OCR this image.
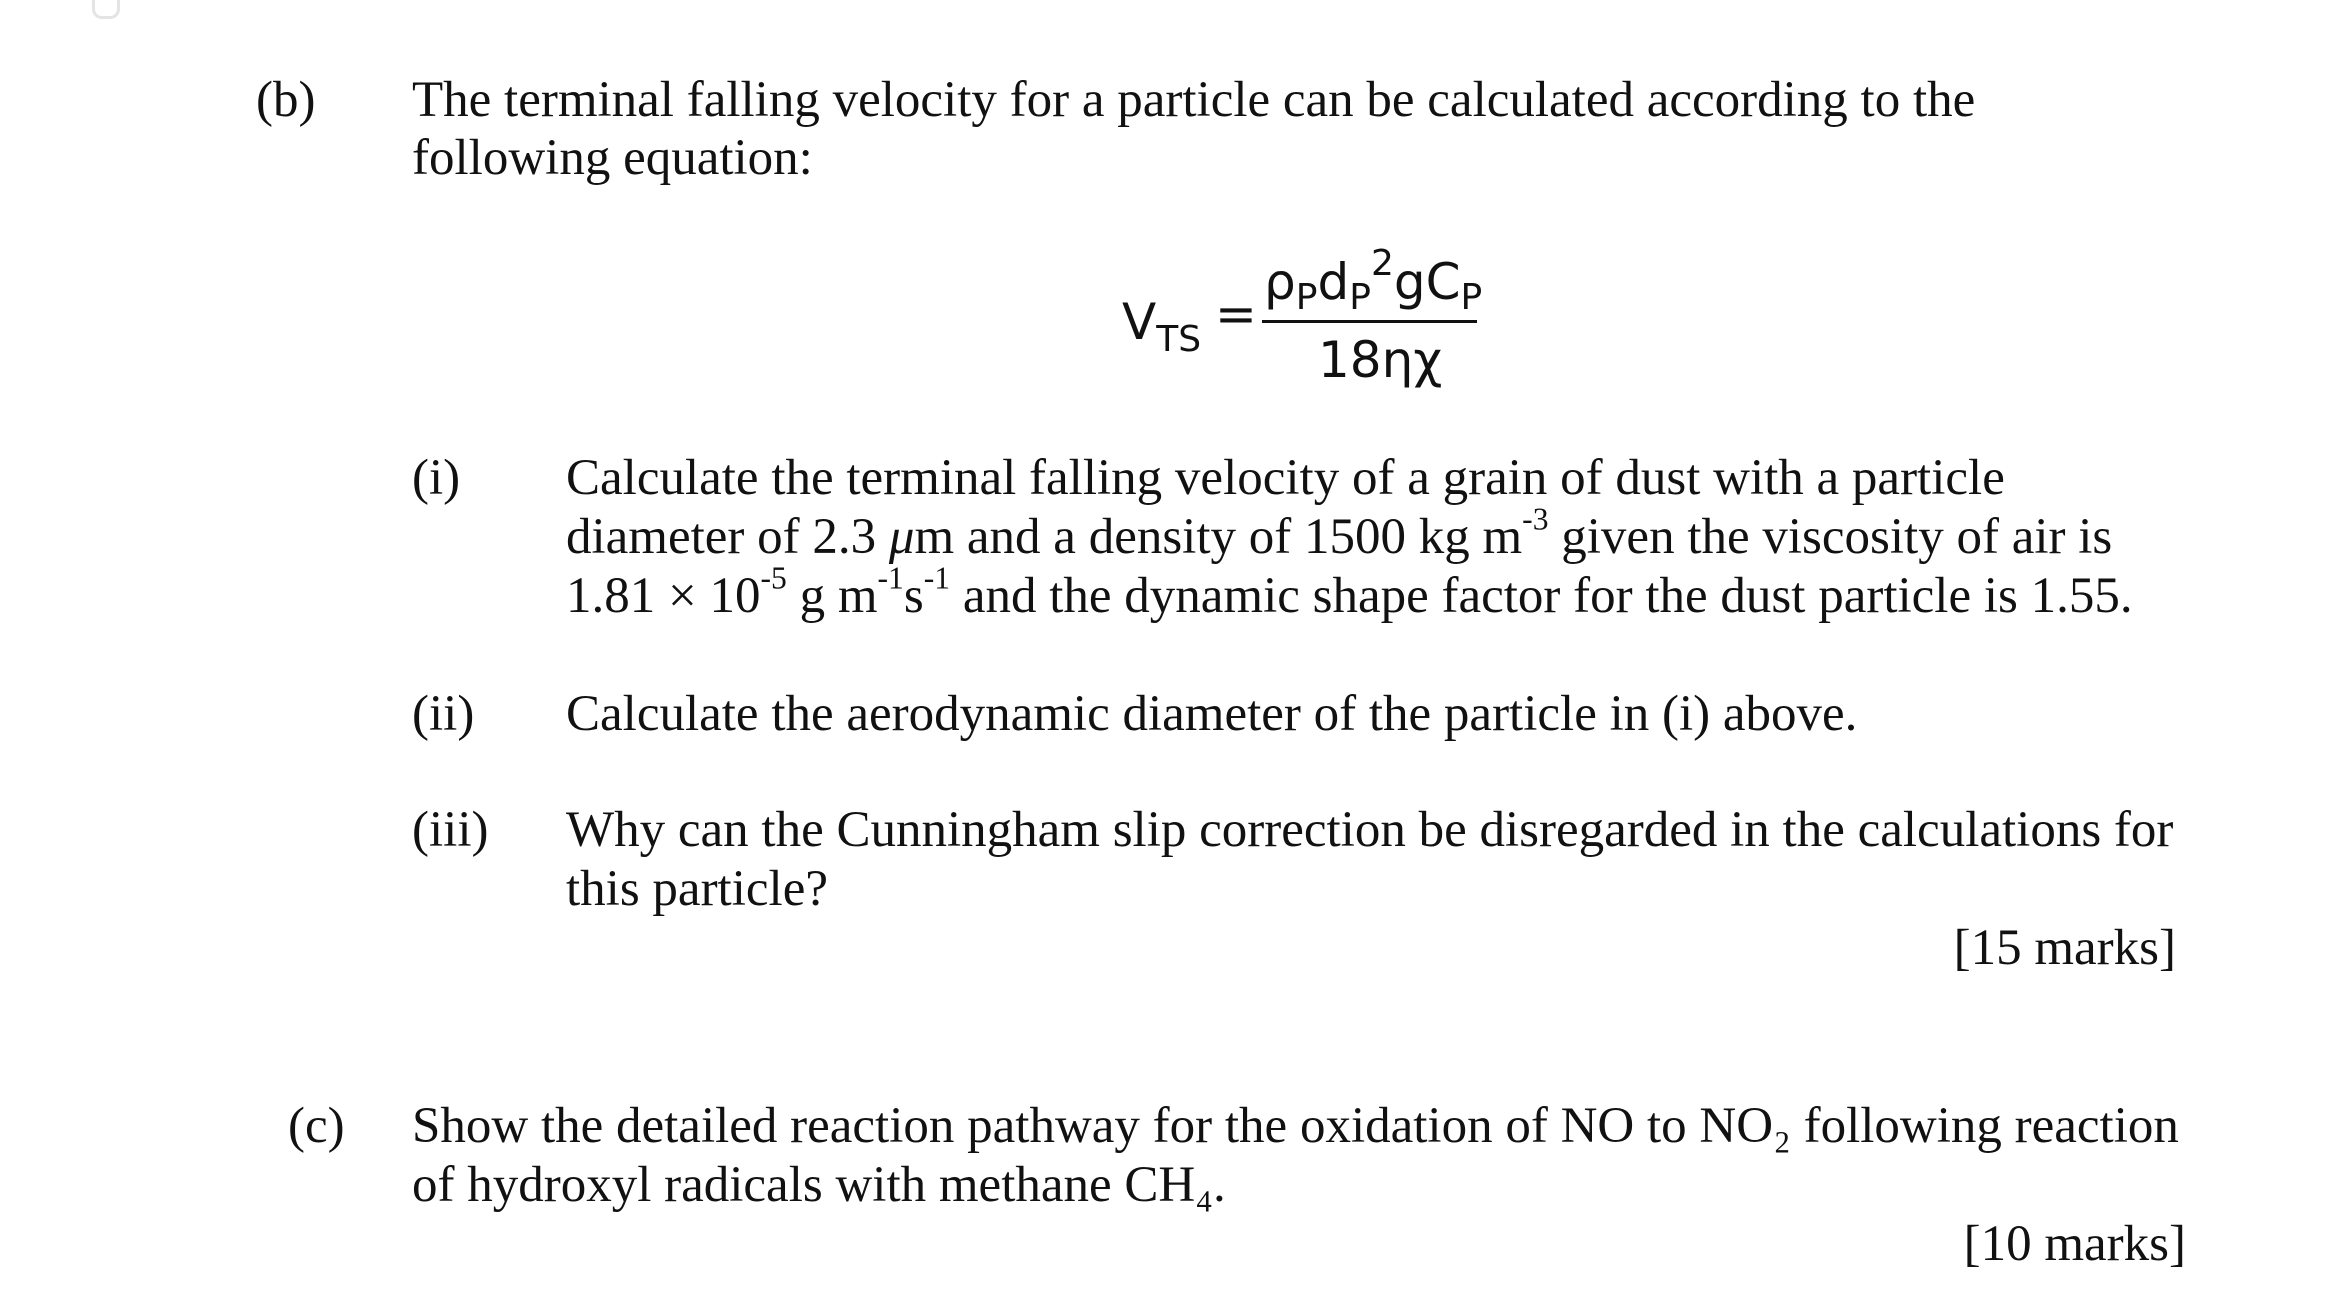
(b) The terminal falling velocity for a particle can be calculated according to the
following equation:
VTS =
ρPdP2gCP
18ηχ
(i) Calculate the terminal falling velocity of a grain of dust with a particle
diameter of 2.3 μm and a density of 1500 kg $m^{-3}$ given the viscosity of air is
$1.81 \times 10^{-5}$ g $m^{-1}s^{-1}$ and the dynamic shape factor for the dust particle is 1.55.
(ii) Calculate the aerodynamic diameter of the particle in (i) above.
(iii) Why can the Cunningham slip correction be disregarded in the calculations for
this particle?
[15 marks]
(c) Show the detailed reaction pathway for the oxidation of NO to NO₂ following reaction
of hydroxyl radicals with methane CH₄.
[10 marks]
